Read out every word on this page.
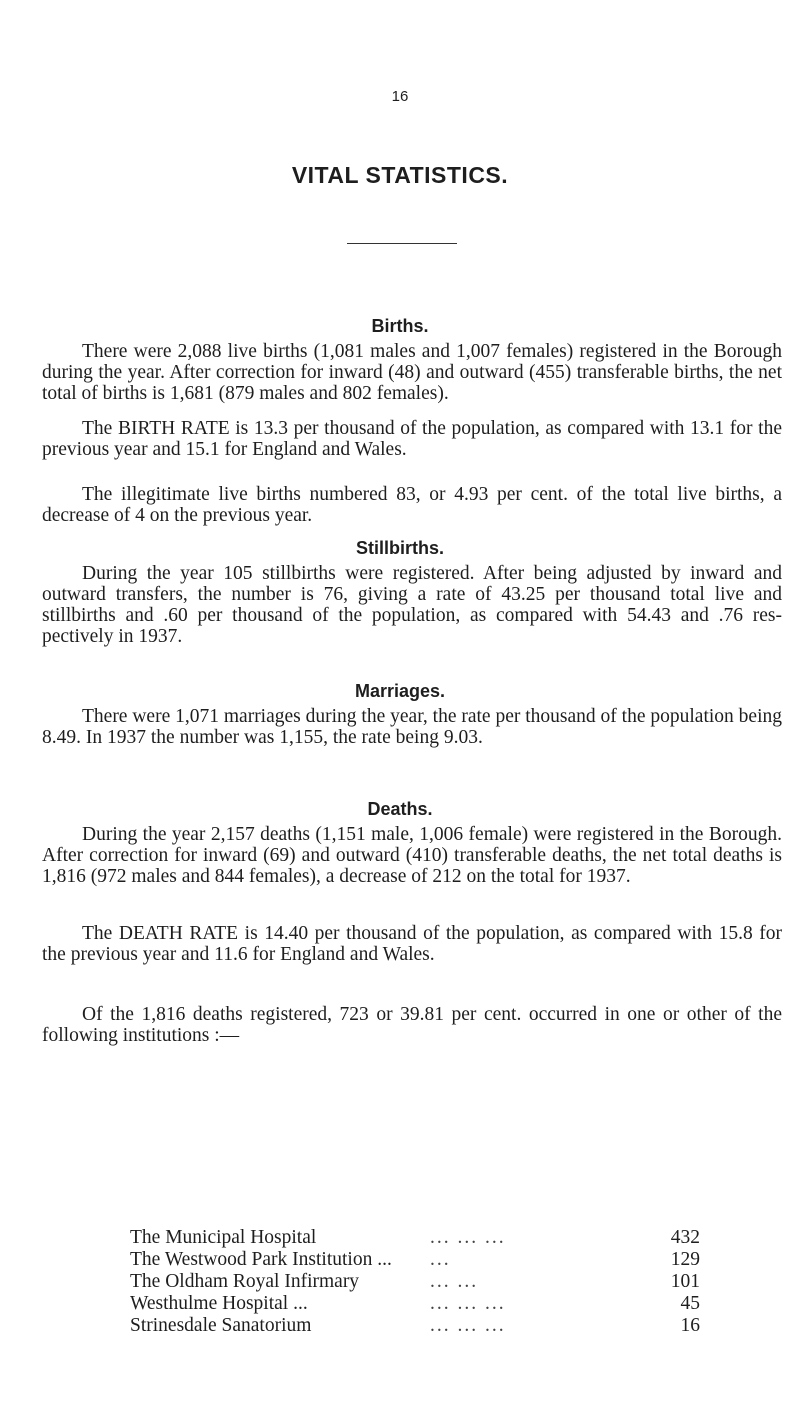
16
VITAL STATISTICS.
Births.

There were 2,088 live births (1,081 males and 1,007 females) registered in the Borough during the year. After correction for inward (48) and outward (455) transferable births, the net total of births is 1,681 (879 males and 802 females).

The BIRTH RATE is 13.3 per thousand of the population, as compared with 13.1 for the previous year and 15.1 for England and Wales.

The illegitimate live births numbered 83, or 4.93 per cent. of the total live births, a decrease of 4 on the previous year.

Stillbirths.

During the year 105 stillbirths were registered. After being adjusted by inward and outward transfers, the number is 76, giving a rate of 43.25 per thousand total live and stillbirths and .60 per thousand of the population, as compared with 54.43 and .76 res- pectively in 1937.

Marriages.

There were 1,071 marriages during the year, the rate per thousand of the population being 8.49. In 1937 the number was 1,155, the rate being 9.03.

Deaths.

During the year 2,157 deaths (1,151 male, 1,006 female) were registered in the Borough. After correction for inward (69) and outward (410) transferable deaths, the net total deaths is 1,816 (972 males and 844 females), a decrease of 212 on the total for 1937.

The DEATH RATE is 14.40 per thousand of the population, as compared with 15.8 for the previous year and 11.6 for England and Wales.

Of the 1,816 deaths registered, 723 or 39.81 per cent. occurred in one or other of the following institutions :—

The Municipal Hospital	... ... ...	432
The Westwood Park Institution ...	...	129
The Oldham Royal Infirmary	... ...	101
Westhulme Hospital ...	... ... ...	45
Strinesdale Sanatorium	... ... ...	16
